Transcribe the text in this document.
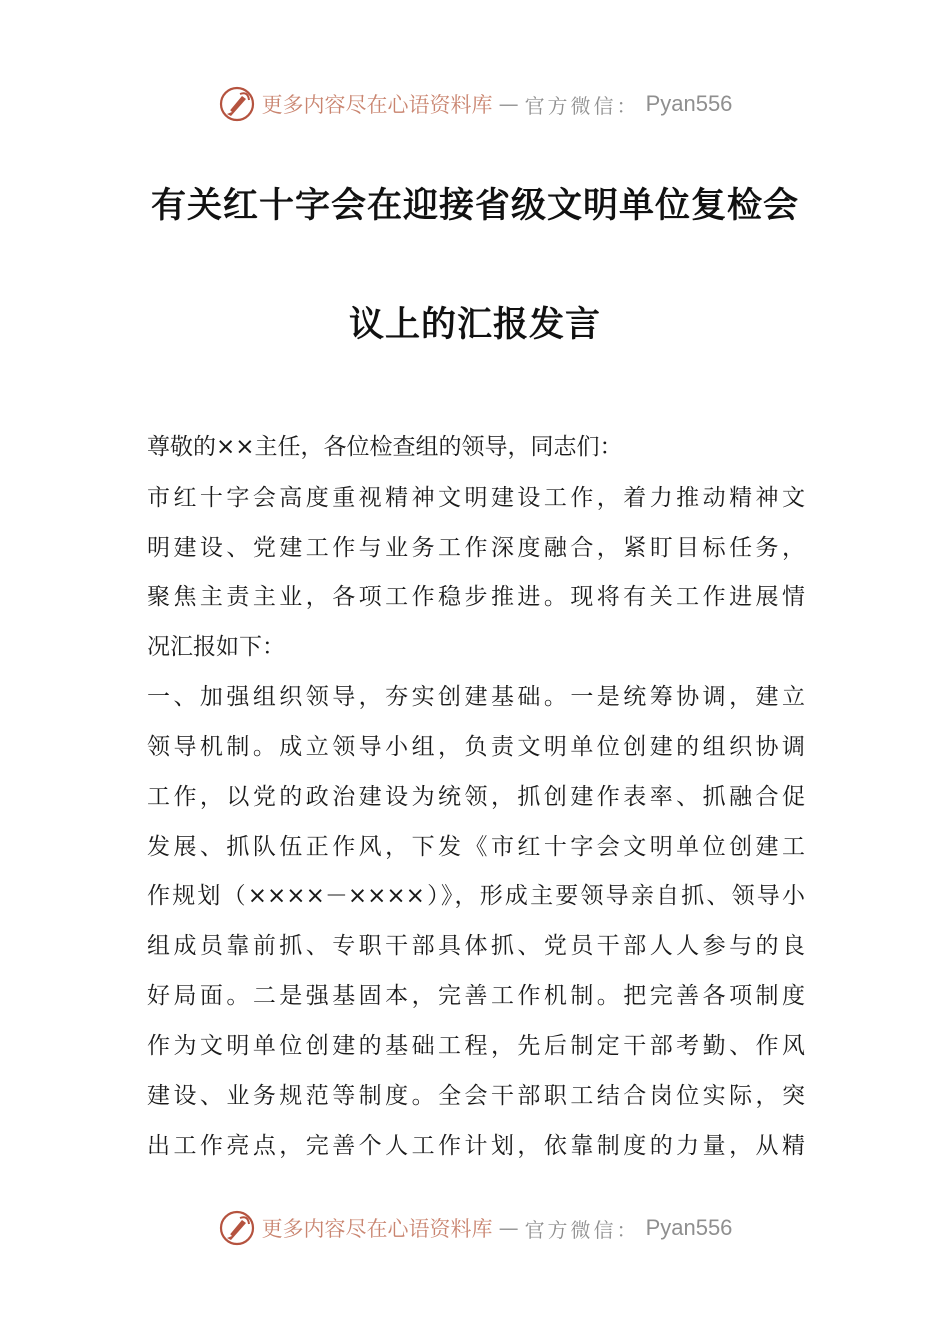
更多内容尽在心语资料库 — 官方微信： Pyan556
有关红十字会在迎接省级文明单位复检会
议上的汇报发言
尊敬的××主任，各位检查组的领导，同志们：
市红十字会高度重视精神文明建设工作，着力推动精神文
明建设、党建工作与业务工作深度融合，紧盯目标任务，
聚焦主责主业，各项工作稳步推进。现将有关工作进展情
况汇报如下：
一、加强组织领导，夯实创建基础。一是统筹协调，建立
领导机制。成立领导小组，负责文明单位创建的组织协调
工作，以党的政治建设为统领，抓创建作表率、抓融合促
发展、抓队伍正作风，下发《市红十字会文明单位创建工
作规划（××××－××××）》，形成主要领导亲自抓、领导小
组成员靠前抓、专职干部具体抓、党员干部人人参与的良
好局面。二是强基固本，完善工作机制。把完善各项制度
作为文明单位创建的基础工程，先后制定干部考勤、作风
建设、业务规范等制度。全会干部职工结合岗位实际，突
出工作亮点，完善个人工作计划，依靠制度的力量，从精
更多内容尽在心语资料库 — 官方微信： Pyan556
